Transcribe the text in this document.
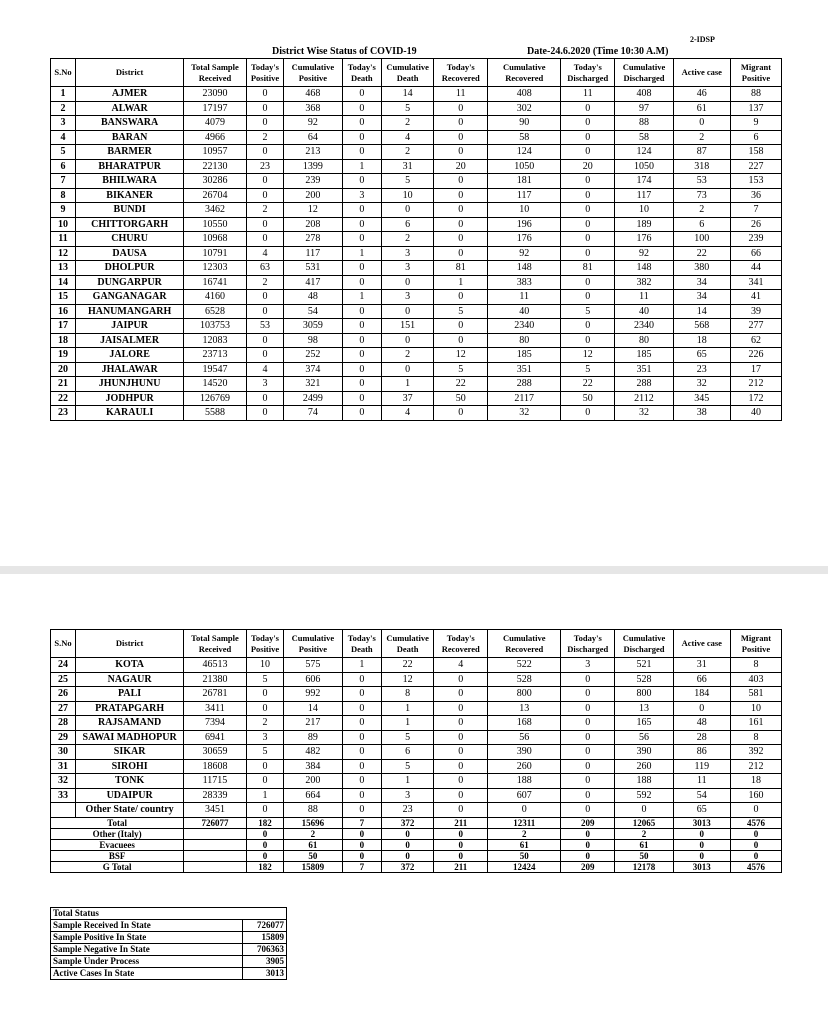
2-IDSP
District Wise Status of COVID-19	Date-24.6.2020 (Time 10:30 A.M)
S.No	District	Total Sample Received	Today's Positive	Cumulative Positive	Today's Death	Cumulative Death	Today's Recovered	Cumulative Recovered	Today's Discharged	Cumulative Discharged	Active case	Migrant Positive
1	AJMER	23090	0	468	0	14	11	408	11	408	46	88
2	ALWAR	17197	0	368	0	5	0	302	0	97	61	137
3	BANSWARA	4079	0	92	0	2	0	90	0	88	0	9
4	BARAN	4966	2	64	0	4	0	58	0	58	2	6
5	BARMER	10957	0	213	0	2	0	124	0	124	87	158
6	BHARATPUR	22130	23	1399	1	31	20	1050	20	1050	318	227
7	BHILWARA	30286	0	239	0	5	0	181	0	174	53	153
8	BIKANER	26704	0	200	3	10	0	117	0	117	73	36
9	BUNDI	3462	2	12	0	0	0	10	0	10	2	7
10	CHITTORGARH	10550	0	208	0	6	0	196	0	189	6	26
11	CHURU	10968	0	278	0	2	0	176	0	176	100	239
12	DAUSA	10791	4	117	1	3	0	92	0	92	22	66
13	DHOLPUR	12303	63	531	0	3	81	148	81	148	380	44
14	DUNGARPUR	16741	2	417	0	0	1	383	0	382	34	341
15	GANGANAGAR	4160	0	48	1	3	0	11	0	11	34	41
16	HANUMANGARH	6528	0	54	0	0	5	40	5	40	14	39
17	JAIPUR	103753	53	3059	0	151	0	2340	0	2340	568	277
18	JAISALMER	12083	0	98	0	0	0	80	0	80	18	62
19	JALORE	23713	0	252	0	2	12	185	12	185	65	226
20	JHALAWAR	19547	4	374	0	0	5	351	5	351	23	17
21	JHUNJHUNU	14520	3	321	0	1	22	288	22	288	32	212
22	JODHPUR	126769	0	2499	0	37	50	2117	50	2112	345	172
23	KARAULI	5588	0	74	0	4	0	32	0	32	38	40
S.No	District	Total Sample Received	Today's Positive	Cumulative Positive	Today's Death	Cumulative Death	Today's Recovered	Cumulative Recovered	Today's Discharged	Cumulative Discharged	Active case	Migrant Positive
24	KOTA	46513	10	575	1	22	4	522	3	521	31	8
25	NAGAUR	21380	5	606	0	12	0	528	0	528	66	403
26	PALI	26781	0	992	0	8	0	800	0	800	184	581
27	PRATAPGARH	3411	0	14	0	1	0	13	0	13	0	10
28	RAJSAMAND	7394	2	217	0	1	0	168	0	165	48	161
29	SAWAI MADHOPUR	6941	3	89	0	5	0	56	0	56	28	8
30	SIKAR	30659	5	482	0	6	0	390	0	390	86	392
31	SIROHI	18608	0	384	0	5	0	260	0	260	119	212
32	TONK	11715	0	200	0	1	0	188	0	188	11	18
33	UDAIPUR	28339	1	664	0	3	0	607	0	592	54	160
	Other State/ country	3451	0	88	0	23	0	0	0	0	65	0
Total		726077	182	15696	7	372	211	12311	209	12065	3013	4576
Other (Italy)			0	2	0	0	0	2	0	2	0	0
Evacuees			0	61	0	0	0	61	0	61	0	0
BSF			0	50	0	0	0	50	0	50	0	0
G Total			182	15809	7	372	211	12424	209	12178	3013	4576
Total Status	
Sample Received In State	726077
Sample Positive In State	15809
Sample Negative In State	706363
Sample Under Process	3905
Active Cases In State	3013
